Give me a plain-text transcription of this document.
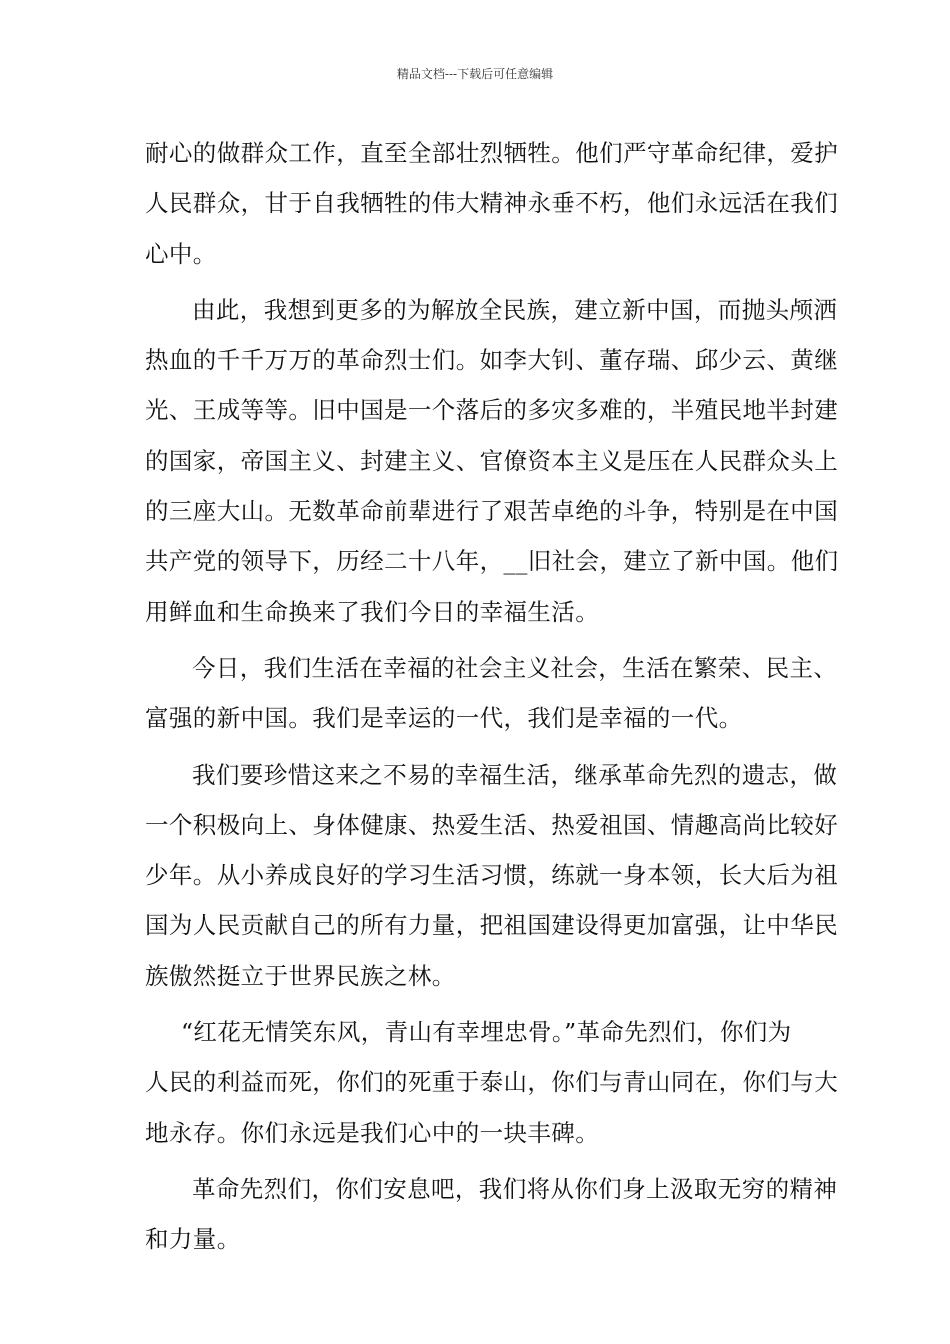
精品文档---下载后可任意编辑

耐心的做群众工作，直至全部壮烈牺牲。他们严守革命纪律，爱护
人民群众，甘于自我牺牲的伟大精神永垂不朽，他们永远活在我们
心中。

由此，我想到更多的为解放全民族，建立新中国，而抛头颅洒
热血的千千万万的革命烈士们。如李大钊、董存瑞、邱少云、黄继
光、王成等等。旧中国是一个落后的多灾多难的，半殖民地半封建
的国家，帝国主义、封建主义、官僚资本主义是压在人民群众头上
的三座大山。无数革命前辈进行了艰苦卓绝的斗争，特别是在中国
共产党的领导下，历经二十八年，__旧社会，建立了新中国。他们
用鲜血和生命换来了我们今日的幸福生活。

今日，我们生活在幸福的社会主义社会，生活在繁荣、民主、
富强的新中国。我们是幸运的一代，我们是幸福的一代。

我们要珍惜这来之不易的幸福生活，继承革命先烈的遗志，做
一个积极向上、身体健康、热爱生活、热爱祖国、情趣高尚比较好
少年。从小养成良好的学习生活习惯，练就一身本领，长大后为祖
国为人民贡献自己的所有力量，把祖国建设得更加富强，让中华民
族傲然挺立于世界民族之林。

“红花无情笑东风，青山有幸埋忠骨。”革命先烈们，你们为
人民的利益而死，你们的死重于泰山，你们与青山同在，你们与大
地永存。你们永远是我们心中的一块丰碑。

革命先烈们，你们安息吧，我们将从你们身上汲取无穷的精神
和力量。
